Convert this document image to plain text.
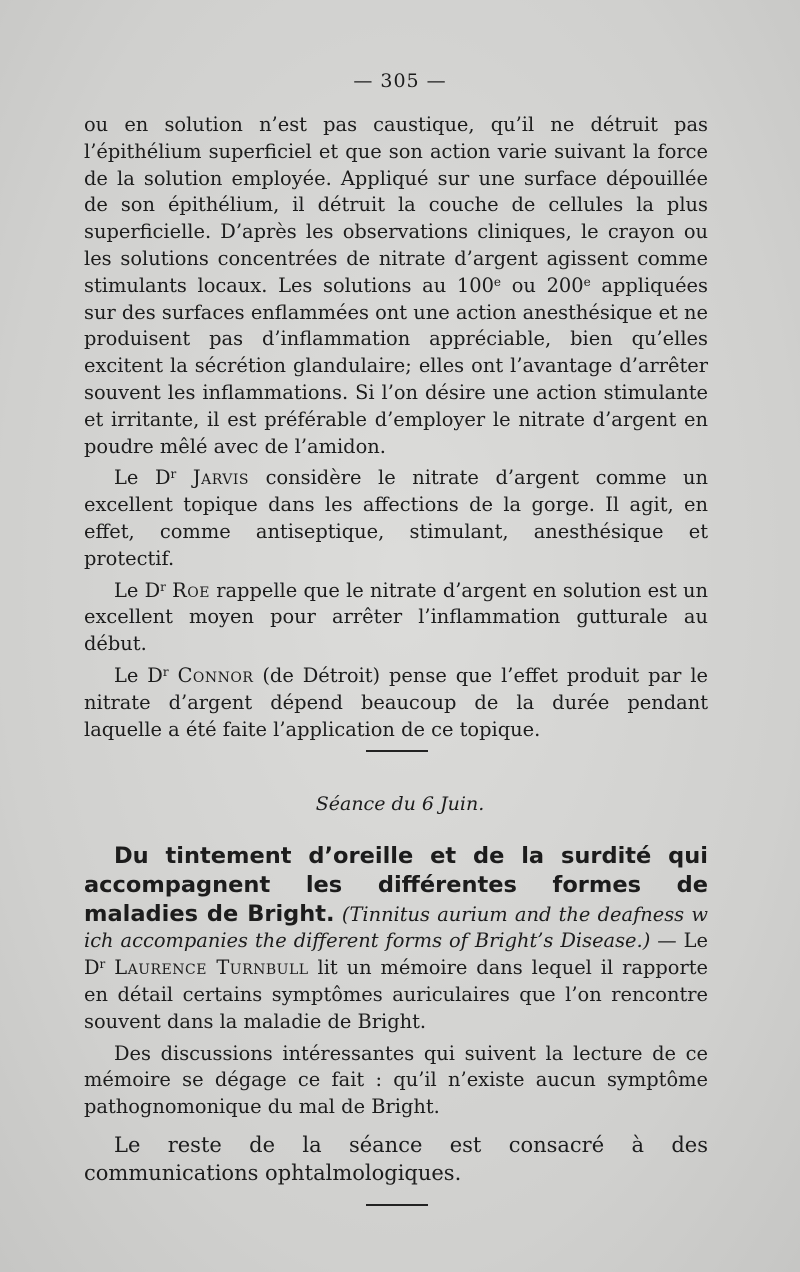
— 305 —

ou en solution n’est pas caustique, qu’il ne détruit pas l’épithélium superficiel et que son action varie suivant la force de la solution employée. Appliqué sur une surface dépouillée de son épithélium, il détruit la couche de cellules la plus superficielle. D’après les observations cliniques, le crayon ou les solutions concentrées de nitrate d’argent agissent comme stimulants locaux. Les solutions au 100e ou 200e appliquées sur des surfaces enflammées ont une action anesthésique et ne produisent pas d’inflammation appréciable, bien qu’elles excitent la sécrétion glandulaire; elles ont l’avantage d’arrêter souvent les inflammations. Si l’on désire une action stimulante et irritante, il est préférable d’employer le nitrate d’argent en poudre mêlé avec de l’amidon.

Le $D^r$ Jarvis considère le nitrate d’argent comme un excellent topique dans les affections de la gorge. Il agit, en effet, comme antiseptique, stimulant, anesthésique et protectif.

Le $D^r$ Roe rappelle que le nitrate d’argent en solution est un excellent moyen pour arrêter l’inflammation gutturale au début.

Le $D^r$ Connor (de Détroit) pense que l’effet produit par le nitrate d’argent dépend beaucoup de la durée pendant laquelle a été faite l’application de ce topique.

Séance du 6 Juin.

Du tintement d’oreille et de la surdité qui accompagnent les différentes formes de maladies de Bright. (Tinnitus aurium and the deafness w ich accompanies the different forms of Bright’s Disease.) — Le $D^r$ Laurence Turnbull lit un mémoire dans lequel il rapporte en détail certains symptômes auriculaires que l’on rencontre souvent dans la maladie de Bright.

Des discussions intéressantes qui suivent la lecture de ce mémoire se dégage ce fait : qu’il n’existe aucun symptôme pathognomonique du mal de Bright.

Le reste de la séance est consacré à des communications ophtalmologiques.
